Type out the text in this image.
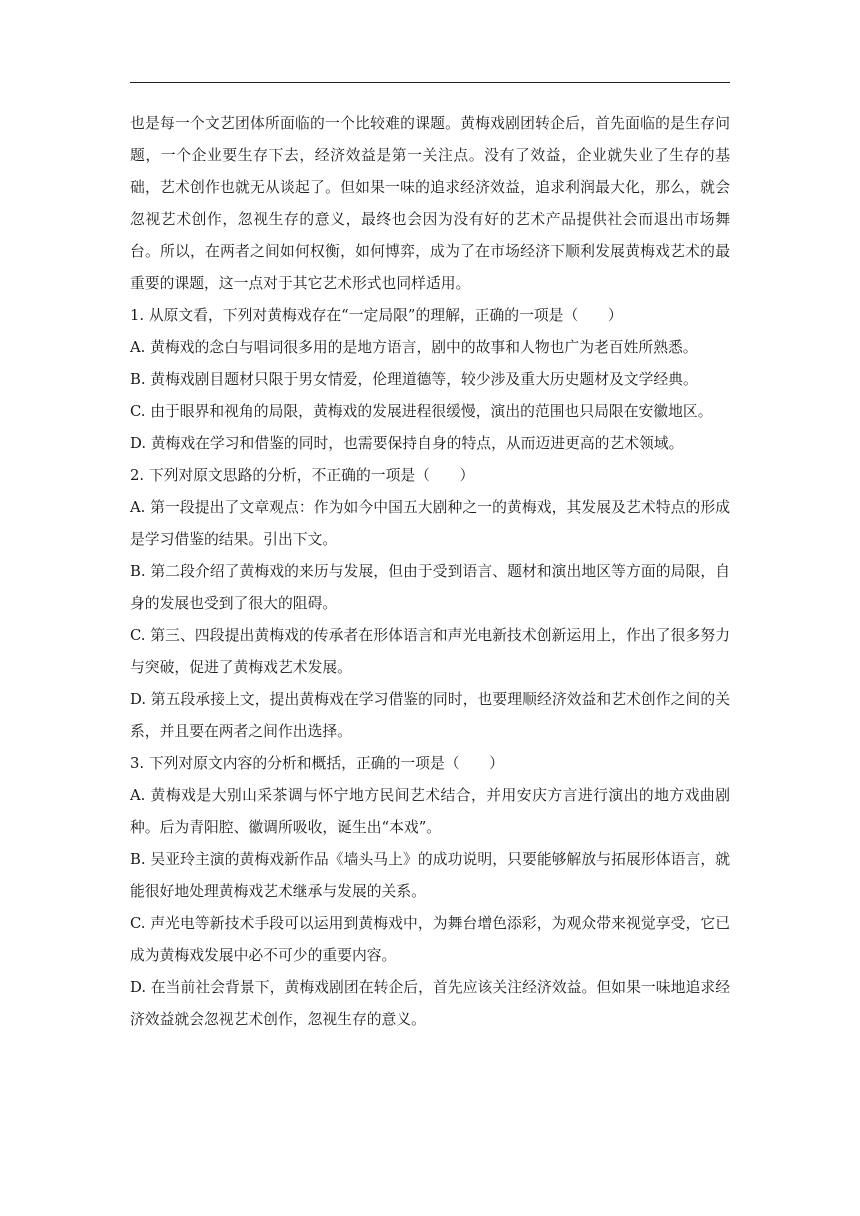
也是每一个文艺团体所面临的一个比较难的课题。黄梅戏剧团转企后，首先面临的是生存问题，一个企业要生存下去，经济效益是第一关注点。没有了效益，企业就失业了生存的基础，艺术创作也就无从谈起了。但如果一味的追求经济效益，追求利润最大化，那么，就会忽视艺术创作，忽视生存的意义，最终也会因为没有好的艺术产品提供社会而退出市场舞台。所以，在两者之间如何权衡，如何博弈，成为了在市场经济下顺利发展黄梅戏艺术的最重要的课题，这一点对于其它艺术形式也同样适用。

1. 从原文看，下列对黄梅戏存在“一定局限”的理解，正确的一项是（　　）

A. 黄梅戏的念白与唱词很多用的是地方语言，剧中的故事和人物也广为老百姓所熟悉。

B. 黄梅戏剧目题材只限于男女情爱，伦理道德等，较少涉及重大历史题材及文学经典。

C. 由于眼界和视角的局限，黄梅戏的发展进程很缓慢，演出的范围也只局限在安徽地区。

D. 黄梅戏在学习和借鉴的同时，也需要保持自身的特点，从而迈进更高的艺术领域。

2. 下列对原文思路的分析，不正确的一项是（　　）

A. 第一段提出了文章观点：作为如今中国五大剧种之一的黄梅戏，其发展及艺术特点的形成是学习借鉴的结果。引出下文。

B. 第二段介绍了黄梅戏的来历与发展，但由于受到语言、题材和演出地区等方面的局限，自身的发展也受到了很大的阻碍。

C. 第三、四段提出黄梅戏的传承者在形体语言和声光电新技术创新运用上，作出了很多努力与突破，促进了黄梅戏艺术发展。

D. 第五段承接上文，提出黄梅戏在学习借鉴的同时，也要理顺经济效益和艺术创作之间的关系，并且要在两者之间作出选择。

3. 下列对原文内容的分析和概括，正确的一项是（　　）

A. 黄梅戏是大别山采茶调与怀宁地方民间艺术结合，并用安庆方言进行演出的地方戏曲剧种。后为青阳腔、徽调所吸收，诞生出“本戏”。

B. 吴亚玲主演的黄梅戏新作品《墙头马上》的成功说明，只要能够解放与拓展形体语言，就能很好地处理黄梅戏艺术继承与发展的关系。

C. 声光电等新技术手段可以运用到黄梅戏中，为舞台增色添彩，为观众带来视觉享受，它已成为黄梅戏发展中必不可少的重要内容。

D. 在当前社会背景下，黄梅戏剧团在转企后，首先应该关注经济效益。但如果一味地追求经济效益就会忽视艺术创作，忽视生存的意义。
